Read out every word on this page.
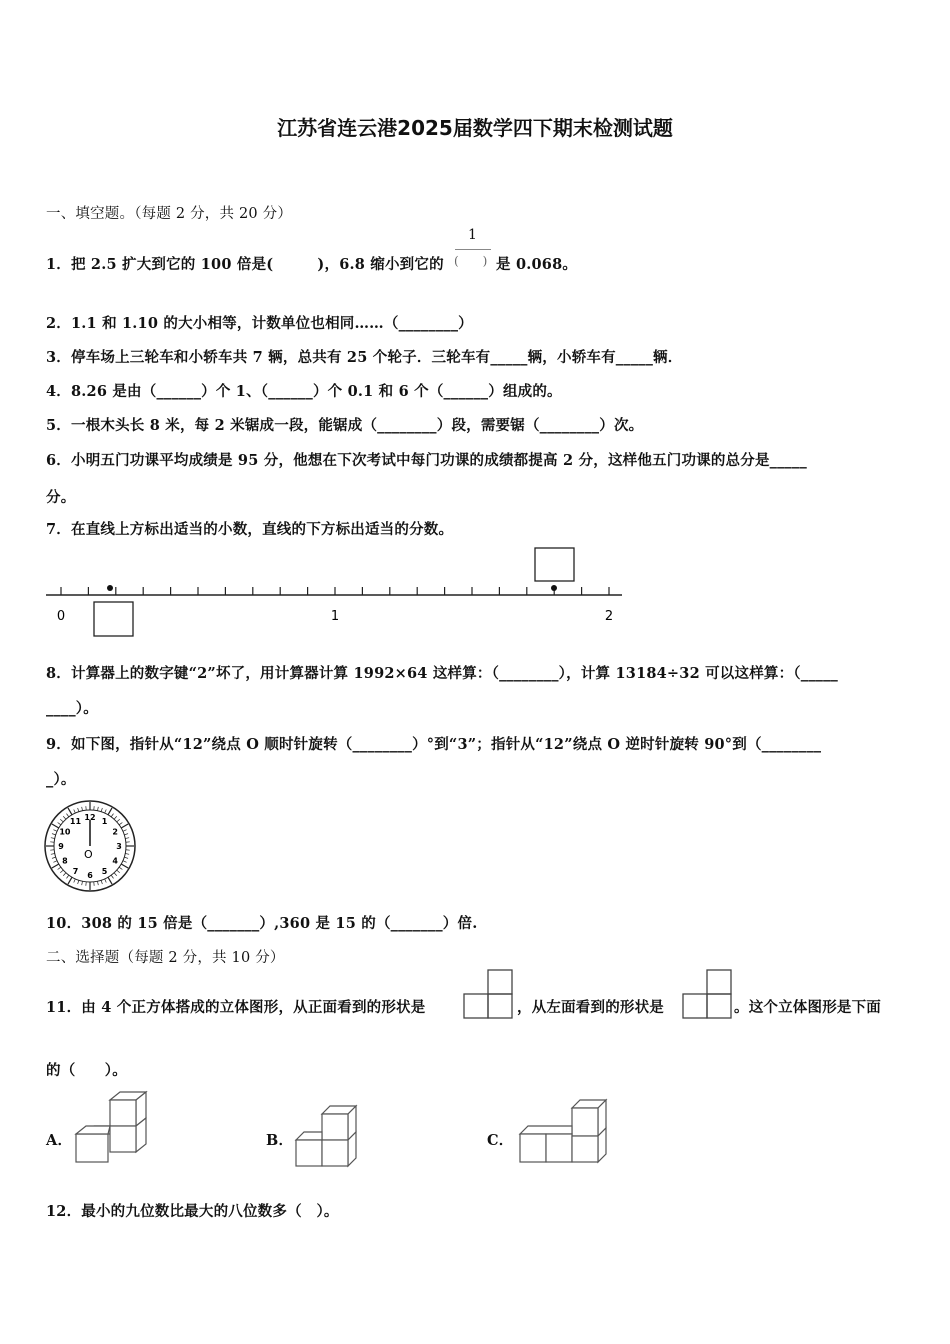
江苏省连云港2025届数学四下期末检测试题
一、填空题。（每题 2 分，共 20 分）
1．把 2.5 扩大到它的 100 倍是(　　　)，6.8 缩小到它的
1
(　　) 是 0.068。
2．1.1 和 1.10 的大小相等，计数单位也相同……（________）
3．停车场上三轮车和小轿车共 7 辆，总共有 25 个轮子．三轮车有_____辆，小轿车有_____辆．
4．8.26 是由（______）个 1、（______）个 0.1 和 6 个（______）组成的。
5．一根木头长 8 米，每 2 米锯成一段，能锯成（________）段，需要锯（________）次。
6．小明五门功课平均成绩是 95 分，他想在下次考试中每门功课的成绩都提高 2 分，这样他五门功课的总分是_____
分。
7．在直线上方标出适当的小数，直线的下方标出适当的分数。
0	1	2
8．计算器上的数字键“2”坏了，用计算器计算 1992×64 这样算：（________），计算 13184÷32 可以这样算：（_____
____）。
9．如下图，指针从“12”绕点 O 顺时针旋转（________）°到“3”；指针从“12”绕点 O 逆时针旋转 90°到（________
_）。
12 1
2
3
4
5
6
7
8
9
10
11
O
10．308 的 15 倍是（_______）,360 是 15 的（_______）倍.
二、选择题（每题 2 分，共 10 分）
11．由 4 个正方体搭成的立体图形，从正面看到的形状是	，从左面看到的形状是	。这个立体图形是下面
的（　　）。
A．	B．	C．
12．最小的九位数比最大的八位数多（　）。
